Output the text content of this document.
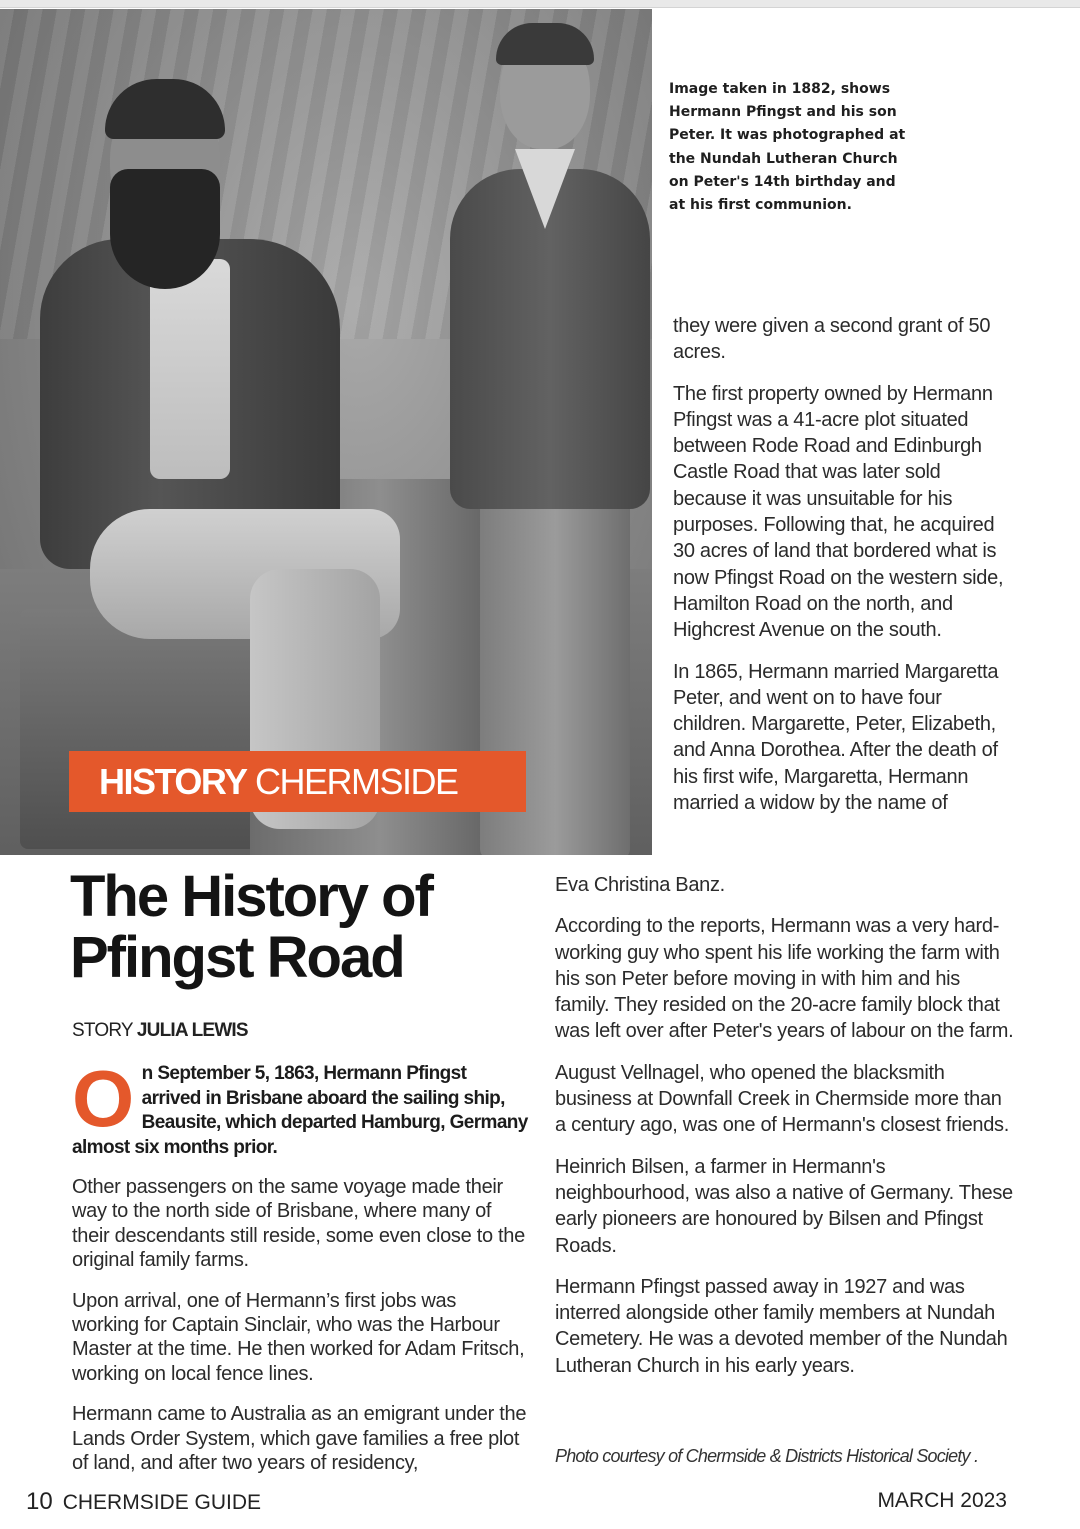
Image taken in 1882, shows Hermann Pfingst and his son Peter. It was photographed at the Nundah Lutheran Church on Peter's 14th birthday and at his first communion.
HISTORY CHERMSIDE
The History of Pfingst Road
STORY JULIA LEWIS
On September 5, 1863, Hermann Pfingst arrived in Brisbane aboard the sailing ship, Beausite, which departed Hamburg, Germany almost six months prior.

Other passengers on the same voyage made their way to the north side of Brisbane, where many of their descendants still reside, some even close to the original family farms.

Upon arrival, one of Hermann’s first jobs was working for Captain Sinclair, who was the Harbour Master at the time. He then worked for Adam Fritsch, working on local fence lines.

Hermann came to Australia as an emigrant under the Lands Order System, which gave families a free plot of land, and after two years of residency,

they were given a second grant of 50 acres.

The first property owned by Hermann Pfingst was a 41-acre plot situated between Rode Road and Edinburgh Castle Road that was later sold because it was unsuitable for his purposes. Following that, he acquired 30 acres of land that bordered what is now Pfingst Road on the western side, Hamilton Road on the north, and Highcrest Avenue on the south.

In 1865, Hermann married Margaretta Peter, and went on to have four children. Margarette, Peter, Elizabeth, and Anna Dorothea. After the death of his first wife, Margaretta, Hermann married a widow by the name of

Eva Christina Banz.

According to the reports, Hermann was a very hard-working guy who spent his life working the farm with his son Peter before moving in with him and his family. They resided on the 20-acre family block that was left over after Peter's years of labour on the farm.

August Vellnagel, who opened the blacksmith business at Downfall Creek in Chermside more than a century ago, was one of Hermann's closest friends.

Heinrich Bilsen, a farmer in Hermann's neighbourhood, was also a native of Germany. These early pioneers are honoured by Bilsen and Pfingst Roads.

Hermann Pfingst passed away in 1927 and was interred alongside other family members at Nundah Cemetery. He was a devoted member of the Nundah Lutheran Church in his early years.

Photo courtesy of Chermside & Districts Historical Society .
10 CHERMSIDE GUIDE	MARCH 2023
